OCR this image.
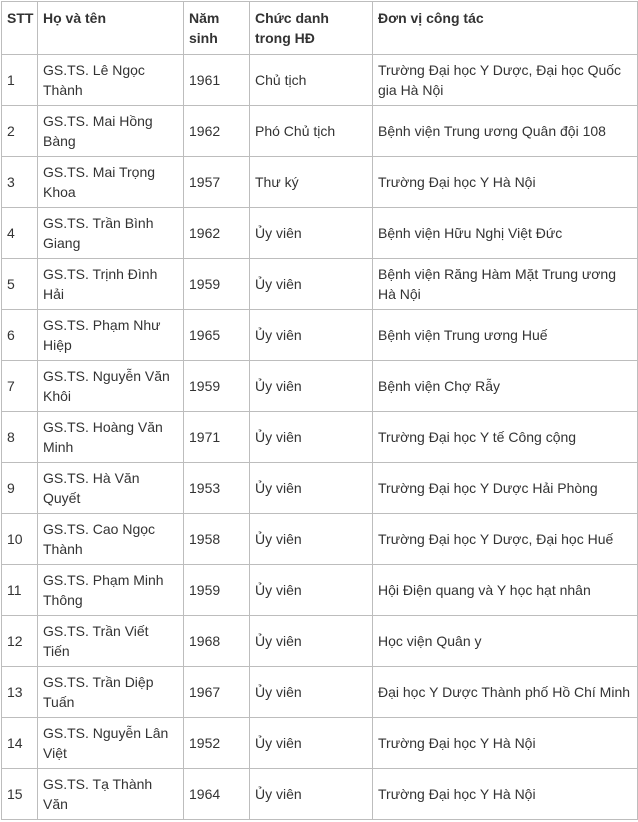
STT	Họ và tên	Năm sinh	Chức danh trong HĐ	Đơn vị công tác
1	GS.TS. Lê Ngọc Thành	1961	Chủ tịch	Trường Đại học Y Dược, Đại học Quốc gia Hà Nội
2	GS.TS. Mai Hồng Bàng	1962	Phó Chủ tịch	Bệnh viện Trung ương Quân đội 108
3	GS.TS. Mai Trọng Khoa	1957	Thư ký	Trường Đại học Y Hà Nội
4	GS.TS. Trần Bình Giang	1962	Ủy viên	Bệnh viện Hữu Nghị Việt Đức
5	GS.TS. Trịnh Đình Hải	1959	Ủy viên	Bệnh viện Răng Hàm Mặt Trung ương Hà Nội
6	GS.TS. Phạm Như Hiệp	1965	Ủy viên	Bệnh viện Trung ương Huế
7	GS.TS. Nguyễn Văn Khôi	1959	Ủy viên	Bệnh viện Chợ Rẫy
8	GS.TS. Hoàng Văn Minh	1971	Ủy viên	Trường Đại học Y tế Công cộng
9	GS.TS. Hà Văn Quyết	1953	Ủy viên	Trường Đại học Y Dược Hải Phòng
10	GS.TS. Cao Ngọc Thành	1958	Ủy viên	Trường Đại học Y Dược, Đại học Huế
11	GS.TS. Phạm Minh Thông	1959	Ủy viên	Hội Điện quang và Y học hạt nhân
12	GS.TS. Trần Viết Tiến	1968	Ủy viên	Học viện Quân y
13	GS.TS. Trần Diệp Tuấn	1967	Ủy viên	Đại học Y Dược Thành phố Hồ Chí Minh
14	GS.TS. Nguyễn Lân Việt	1952	Ủy viên	Trường Đại học Y Hà Nội
15	GS.TS. Tạ Thành Văn	1964	Ủy viên	Trường Đại học Y Hà Nội
